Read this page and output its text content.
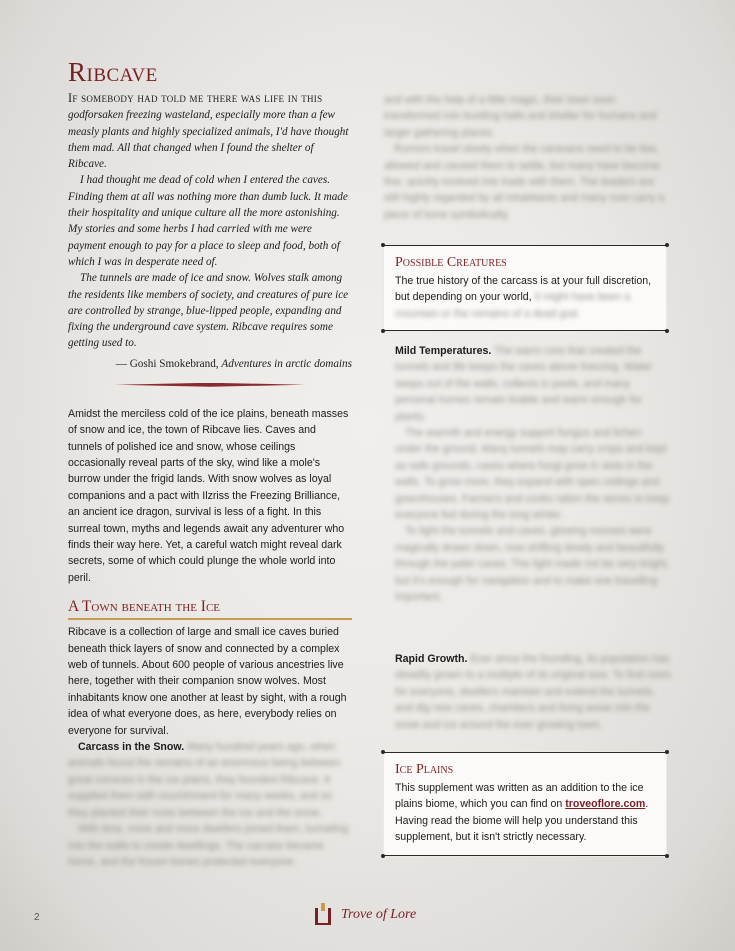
Ribcave

If somebody had told me there was life in this godforsaken freezing wasteland, especially more than a few measly plants and highly specialized animals, I'd have thought them mad. All that changed when I found the shelter of Ribcave.

I had thought me dead of cold when I entered the caves. Finding them at all was nothing more than dumb luck. It made their hospitality and unique culture all the more astonishing. My stories and some herbs I had carried with me were payment enough to pay for a place to sleep and food, both of which I was in desperate need of.

The tunnels are made of ice and snow. Wolves stalk among the residents like members of society, and creatures of pure ice are controlled by strange, blue-lipped people, expanding and fixing the underground cave system. Ribcave requires some getting used to.

— Goshi Smokebrand, Adventures in arctic domains

Amidst the merciless cold of the ice plains, beneath masses of snow and ice, the town of Ribcave lies. Caves and tunnels of polished ice and snow, whose ceilings occasionally reveal parts of the sky, wind like a mole's burrow under the frigid lands. With snow wolves as loyal companions and a pact with Ilzriss the Freezing Brilliance, an ancient ice dragon, survival is less of a fight. In this surreal town, myths and legends await any adventurer who finds their way here. Yet, a careful watch might reveal dark secrets, some of which could plunge the whole world into peril.

A Town beneath the Ice

Ribcave is a collection of large and small ice caves buried beneath thick layers of snow and connected by a complex web of tunnels. About 600 people of various ancestries live here, together with their companion snow wolves. Most inhabitants know one another at least by sight, with a rough idea of what everyone does, as here, everybody relies on everyone for survival.

Carcass in the Snow. Many hundred years ago, when animals found the remains of an enormous being between great crevices in the ice plains, they founded Ribcave. It supplied them with nourishment for many weeks, and so they planted their roots between the ice and the snow.

With time, more and more dwellers joined them, tunneling into the walls to create dwellings. The carcass became home, and the frozen bones protected everyone.

and with the help of a little magic, their town soon transformed into bustling halls and shelter for humans and larger gathering places.

Rumors travel slowly when the caravans need to be few, allowed and caused them to settle, but many have become fine, quickly evolved into trade with them. The leaders are still highly regarded by all inhabitants and many now carry a piece of bone symbolically.

Possible Creatures

The true history of the carcass is at your full discretion, but depending on your world, it might have been a mountain or the remains of a dead god.

Mild Temperatures. The warm core that created the tunnels and life keeps the caves above freezing. Water seeps out of the walls, collects in pools, and many personal homes remain livable and warm enough for plants.

The warmth and energy support fungus and lichen under the ground. Many tunnels may carry crops and kept as safe grounds, caves where fungi grow in slots in the walls. To grow more, they expand with open ceilings and greenhouses. Farmers and cooks ration the stores to keep everyone fed during the long winter.

To light the tunnels and caves, glowing mosses were magically drawn down, now shifting slowly and beautifully through the paler caves. The light made not be very bright, but it's enough for navigation and to make one travelling important.

Rapid Growth. Ever since the founding, its population has steadily grown to a multiple of its original size. To find room for everyone, dwellers maintain and extend the tunnels, and dig new caves, chambers and living areas into the snow and ice around the ever growing town.

Ice Plains

This supplement was written as an addition to the ice plains biome, which you can find on troveoflore.com. Having read the biome will help you understand this supplement, but it isn't strictly necessary.

2	Trove of Lore
